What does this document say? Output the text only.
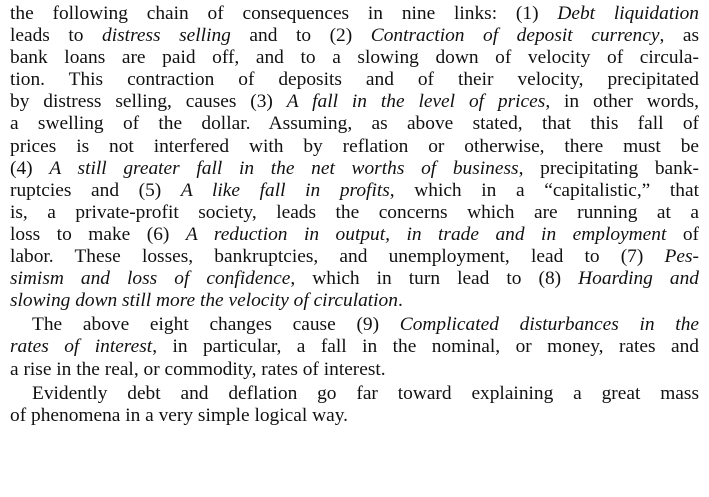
the following chain of consequences in nine links: (1) Debt liquidation
leads to distress selling and to (2) Contraction of deposit currency, as
bank loans are paid off, and to a slowing down of velocity of circula-
tion. This contraction of deposits and of their velocity, precipitated
by distress selling, causes (3) A fall in the level of prices, in other words,
a swelling of the dollar. Assuming, as above stated, that this fall of
prices is not interfered with by reflation or otherwise, there must be
(4) A still greater fall in the net worths of business, precipitating bank-
ruptcies and (5) A like fall in profits, which in a “capitalistic,” that
is, a private-profit society, leads the concerns which are running at a
loss to make (6) A reduction in output, in trade and in employment of
labor. These losses, bankruptcies, and unemployment, lead to (7) Pes-
simism and loss of confidence, which in turn lead to (8) Hoarding and
slowing down still more the velocity of circulation.
The above eight changes cause (9) Complicated disturbances in the
rates of interest, in particular, a fall in the nominal, or money, rates and
a rise in the real, or commodity, rates of interest.
Evidently debt and deflation go far toward explaining a great mass
of phenomena in a very simple logical way.
